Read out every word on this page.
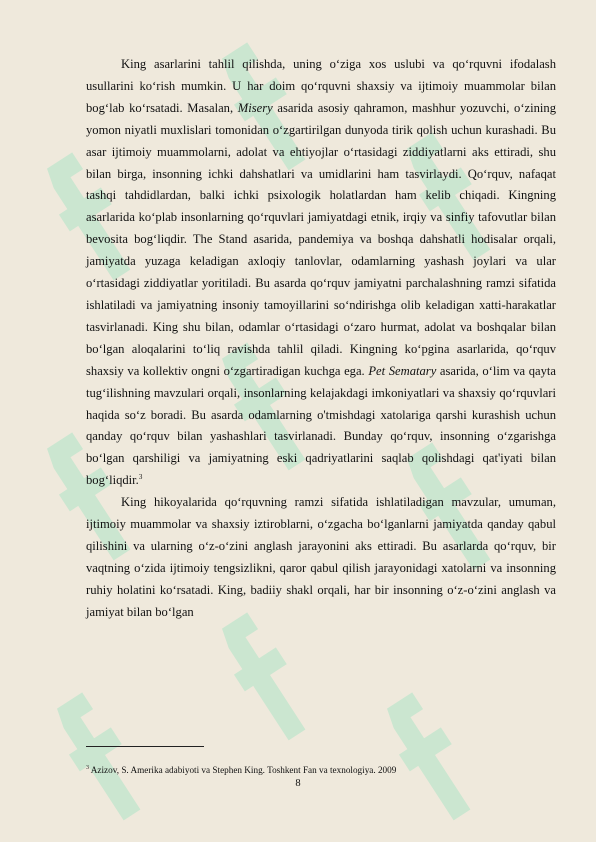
King asarlarini tahlil qilishda, uning o‘ziga xos uslubi va qo‘rquvni ifodalash usullarini ko‘rish mumkin. U har doim qo‘rquvni shaxsiy va ijtimoiy muammolar bilan bog‘lab ko‘rsatadi. Masalan, Misery asarida asosiy qahramon, mashhur yozuvchi, o‘zining yomon niyatli muxlislari tomonidan o‘zgartirilgan dunyoda tirik qolish uchun kurashadi. Bu asar ijtimoiy muammolarni, adolat va ehtiyojlar o‘rtasidagi ziddiyatlarni aks ettiradi, shu bilan birga, insonning ichki dahshatlari va umidlarini ham tasvirlaydi. Qo‘rquv, nafaqat tashqi tahdidlardan, balki ichki psixologik holatlardan ham kelib chiqadi. Kingning asarlarida ko‘plab insonlarning qo‘rquvlari jamiyatdagi etnik, irqiy va sinfiy tafovutlar bilan bevosita bog‘liqdir. The Stand asarida, pandemiya va boshqa dahshatli hodisalar orqali, jamiyatda yuzaga keladigan axloqiy tanlovlar, odamlarning yashash joylari va ular o‘rtasidagi ziddiyatlar yoritiladi. Bu asarda qo‘rquv jamiyatni parchalashning ramzi sifatida ishlatiladi va jamiyatning insoniy tamoyillarini so‘ndirishga olib keladigan xatti-harakatlar tasvirlanadi. King shu bilan, odamlar o‘rtasidagi o‘zaro hurmat, adolat va boshqalar bilan bo‘lgan aloqalarini to‘liq ravishda tahlil qiladi. Kingning ko‘pgina asarlarida, qo‘rquv shaxsiy va kollektiv ongni o‘zgartiradigan kuchga ega. Pet Sematary asarida, o‘lim va qayta tug‘ilishning mavzulari orqali, insonlarning kelajakdagi imkoniyatlari va shaxsiy qo‘rquvlari haqida so‘z boradi. Bu asarda odamlarning o'tmishdagi xatolariga qarshi kurashish uchun qanday qo‘rquv bilan yashashlari tasvirlanadi. Bunday qo‘rquv, insonning o‘zgarishga bo‘lgan qarshiligi va jamiyatning eski qadriyatlarini saqlab qolishdagi qat'iyati bilan bog‘liqdir.$^3$

King hikoyalarida qo‘rquvning ramzi sifatida ishlatiladigan mavzular, umuman, ijtimoiy muammolar va shaxsiy iztiroblarni, o‘zgacha bo‘lganlarni jamiyatda qanday qabul qilishini va ularning o‘z-o‘zini anglash jarayonini aks ettiradi. Bu asarlarda qo‘rquv, bir vaqtning o‘zida ijtimoiy tengsizlikni, qaror qabul qilish jarayonidagi xatolarni va insonning ruhiy holatini ko‘rsatadi. King, badiiy shakl orqali, har bir insonning o‘z-o‘zini anglash va jamiyat bilan bo‘lgan

$^3$ Azizov, S. Amerika adabiyoti va Stephen King. Toshkent Fan va texnologiya. 2009
8
